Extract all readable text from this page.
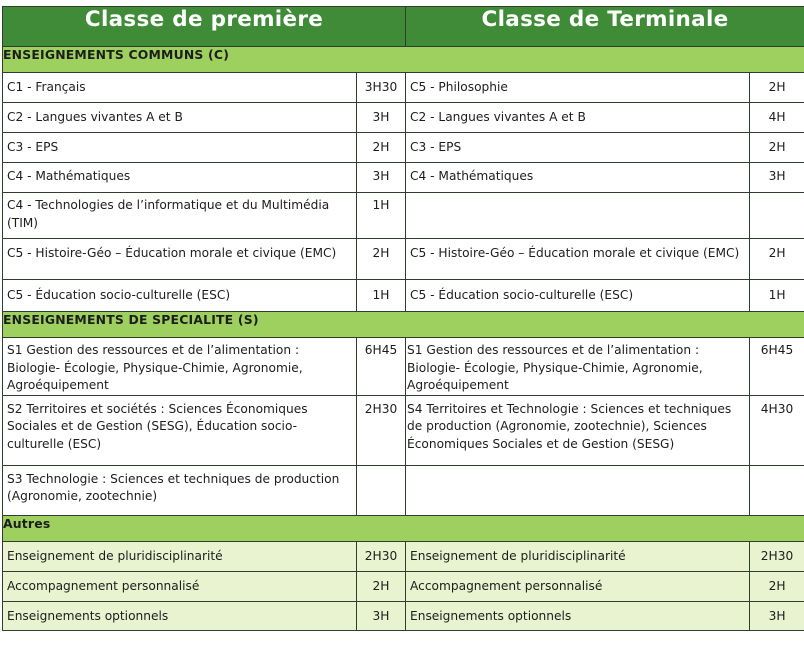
Classe de première		Classe de Terminale	
ENSEIGNEMENTS COMMUNS (C)			

C1 - Français	3H30	C5 - Philosophie	2H

C2 - Langues vivantes A et B	3H	C2 - Langues vivantes A et B	4H

C3 - EPS	2H	C3 - EPS	2H

C4 - Mathématiques	3H	C4 - Mathématiques	3H

C4 - Technologies de l’informatique et du Multimédia (TIM)	1H		

C5 - Histoire-Géo – Éducation morale et civique (EMC)	2H	C5 - Histoire-Géo – Éducation morale et civique (EMC)	2H

C5 - Éducation socio-culturelle (ESC)	1H	C5 - Éducation socio-culturelle (ESC)	1H

ENSEIGNEMENTS DE SPECIALITE (S)			

S1 Gestion des ressources et de l’alimentation : Biologie- Écologie, Physique-Chimie, Agronomie, Agroéquipement	6H45	S1 Gestion des ressources et de l’alimentation : Biologie- Écologie, Physique-Chimie, Agronomie, Agroéquipement	6H45

S2 Territoires et sociétés : Sciences Économiques Sociales et de Gestion (SESG), Éducation socio-culturelle (ESC)	2H30	S4 Territoires et Technologie : Sciences et techniques de production (Agronomie, zootechnie), Sciences Économiques Sociales et de Gestion (SESG)	4H30

S3 Technologie : Sciences et techniques de production (Agronomie, zootechnie)			

Autres			

Enseignement de pluridisciplinarité	2H30	Enseignement de pluridisciplinarité	2H30

Accompagnement personnalisé	2H	Accompagnement personnalisé	2H

Enseignements optionnels	3H	Enseignements optionnels	3H
